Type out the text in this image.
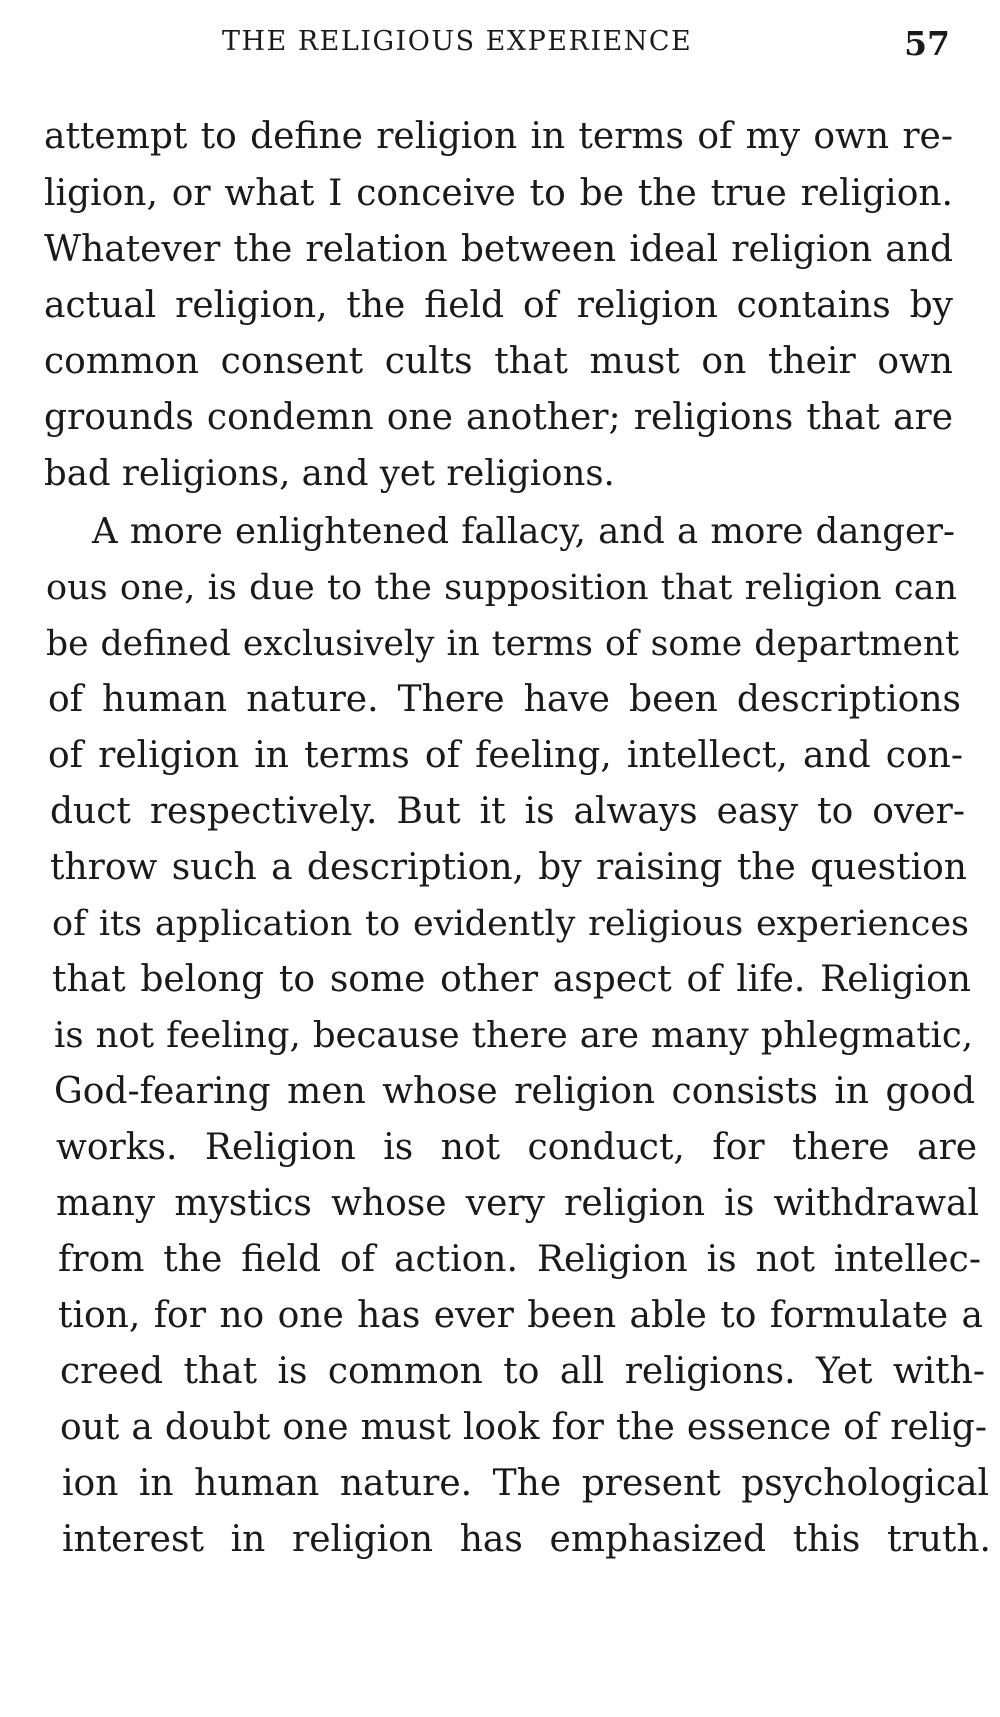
THE RELIGIOUS EXPERIENCE	57
attempt to define religion in terms of my own re-
ligion, or what I conceive to be the true religion.
Whatever the relation between ideal religion and
actual religion, the field of religion contains by
common consent cults that must on their own
grounds condemn one another; religions that are
bad religions, and yet religions.
A more enlightened fallacy, and a more danger-
ous one, is due to the supposition that religion can
be defined exclusively in terms of some department
of human nature. There have been descriptions
of religion in terms of feeling, intellect, and con-
duct respectively. But it is always easy to over-
throw such a description, by raising the question
of its application to evidently religious experiences
that belong to some other aspect of life. Religion
is not feeling, because there are many phlegmatic,
God-fearing men whose religion consists in good
works. Religion is not conduct, for there are
many mystics whose very religion is withdrawal
from the field of action. Religion is not intellec-
tion, for no one has ever been able to formulate a
creed that is common to all religions. Yet with-
out a doubt one must look for the essence of relig-
ion in human nature. The present psychological
interest in religion has emphasized this truth.
